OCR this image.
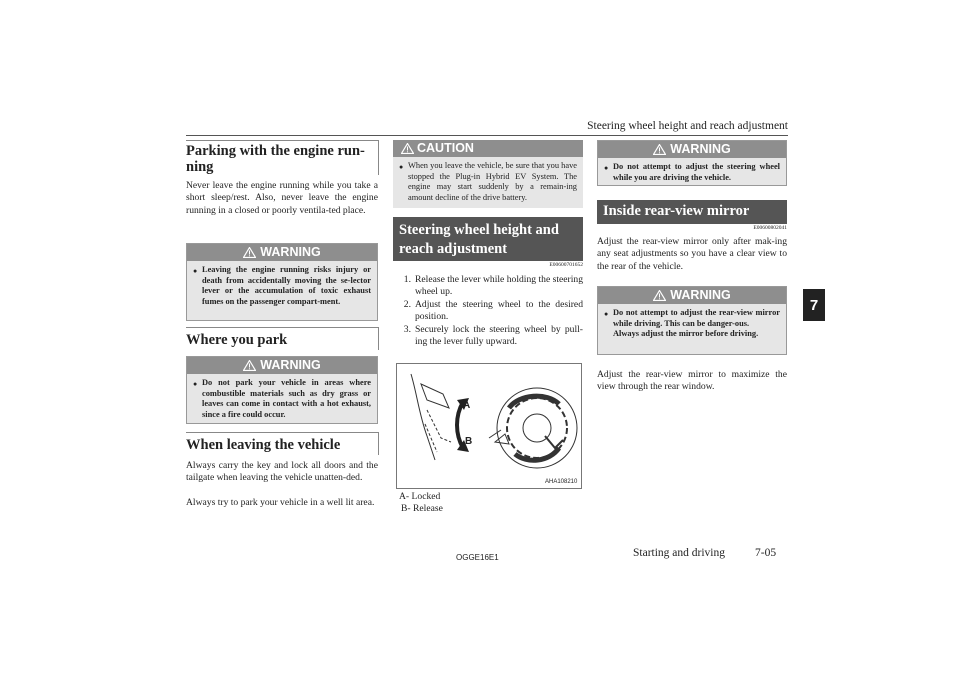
Steering wheel height and reach adjustment
7
Parking with the engine run-
ning
Never leave the engine running while you take a short sleep/rest. Also, never leave the engine running in a closed or poorly ventila-ted place.
WARNING
● Leaving the engine running risks injury or death from accidentally moving the se-lector lever or the accumulation of toxic exhaust fumes on the passenger compart-ment.
Where you park
WARNING
● Do not park your vehicle in areas where combustible materials such as dry grass or leaves can come in contact with a hot exhaust, since a fire could occur.
When leaving the vehicle
Always carry the key and lock all doors and the tailgate when leaving the vehicle unatten-ded.
Always try to park your vehicle in a well lit area.
CAUTION
● When you leave the vehicle, be sure that you have stopped the Plug-in Hybrid EV System. The engine may start suddenly by a remain-ing amount decline of the drive battery.
Steering wheel height and reach adjustment
E00600701652
1. Release the lever while holding the steering wheel up.
2. Adjust the steering wheel to the desired position.
3. Securely lock the steering wheel by pull-ing the lever fully upward.
A
B
AHA108210
A- Locked
B- Release
WARNING
● Do not attempt to adjust the steering wheel while you are driving the vehicle.
Inside rear-view mirror
E00600802041
Adjust the rear-view mirror only after mak-ing any seat adjustments so you have a clear view to the rear of the vehicle.
WARNING
● Do not attempt to adjust the rear-view mirror while driving. This can be danger-ous.
Always adjust the mirror before driving.
Adjust the rear-view mirror to maximize the view through the rear window.
OGGE16E1	Starting and driving	7-05
